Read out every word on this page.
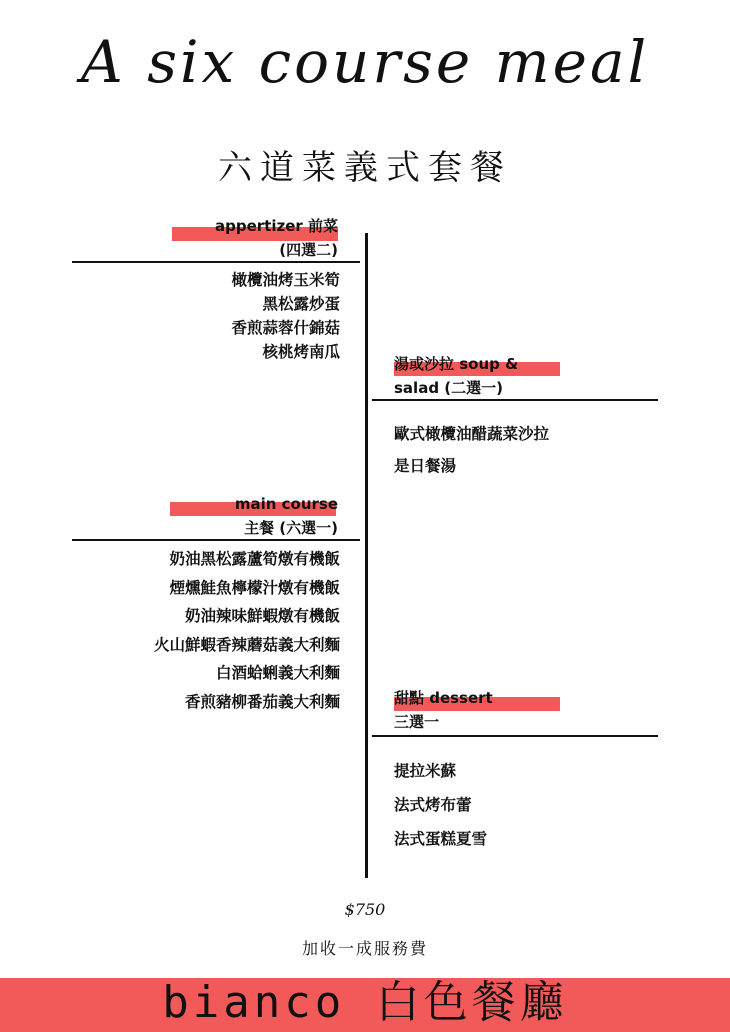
A six course meal
六道菜義式套餐
appertizer 前菜
(四選二)
橄欖油烤玉米筍
黑松露炒蛋
香煎蒜蓉什錦菇
核桃烤南瓜
湯或沙拉 soup &
salad (二選一)
歐式橄欖油醋蔬菜沙拉
是日餐湯
main course
主餐 (六選一)
奶油黑松露蘆筍燉有機飯
煙燻鮭魚檸檬汁燉有機飯
奶油辣味鮮蝦燉有機飯
火山鮮蝦香辣蘑菇義大利麵
白酒蛤蜊義大利麵
香煎豬柳番茄義大利麵	甜點 dessert
三選一
提拉米蘇
法式烤布蕾
法式蛋糕夏雪
$750
加收一成服務費
bianco 白色餐廳
